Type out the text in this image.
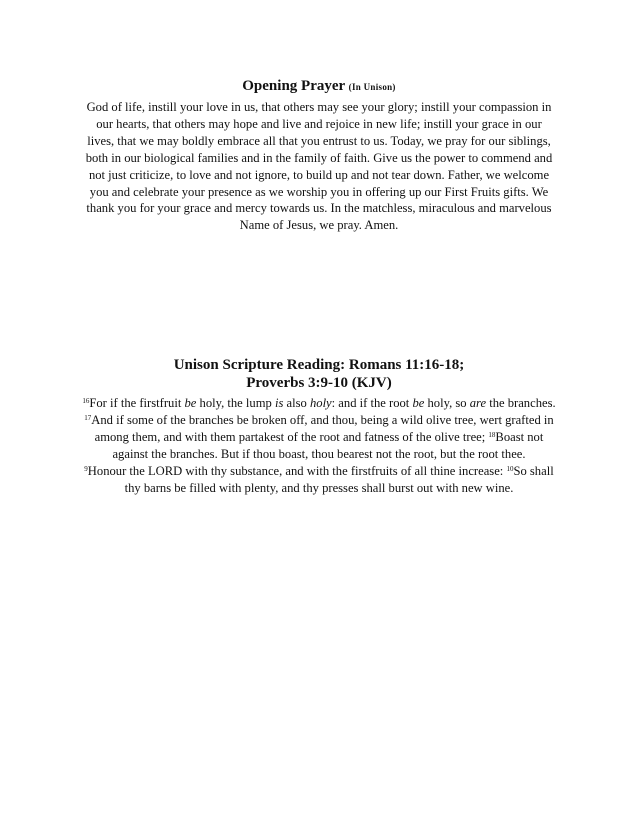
Opening Prayer (In Unison)

God of life, instill your love in us, that others may see your glory; instill your compassion in our hearts, that others may hope and live and rejoice in new life; instill your grace in our lives, that we may boldly embrace all that you entrust to us. Today, we pray for our siblings, both in our biological families and in the family of faith. Give us the power to commend and not just criticize, to love and not ignore, to build up and not tear down. Father, we welcome you and celebrate your presence as we worship you in offering up our First Fruits gifts. We thank you for your grace and mercy towards us. In the matchless, miraculous and marvelous Name of Jesus, we pray. Amen.

Unison Scripture Reading: Romans 11:16-18;
Proverbs 3:9-10 (KJV)

$^{16}$For if the firstfruit be holy, the lump is also holy: and if the root be holy, so are the branches. $^{17}$And if some of the branches be broken off, and thou, being a wild olive tree, wert grafted in among them, and with them partakest of the root and fatness of the olive tree; $^{18}$Boast not against the branches. But if thou boast, thou bearest not the root, but the root thee.
$^9$Honour the LORD with thy substance, and with the firstfruits of all thine increase: $^{10}$So shall thy barns be filled with plenty, and thy presses shall burst out with new wine.
